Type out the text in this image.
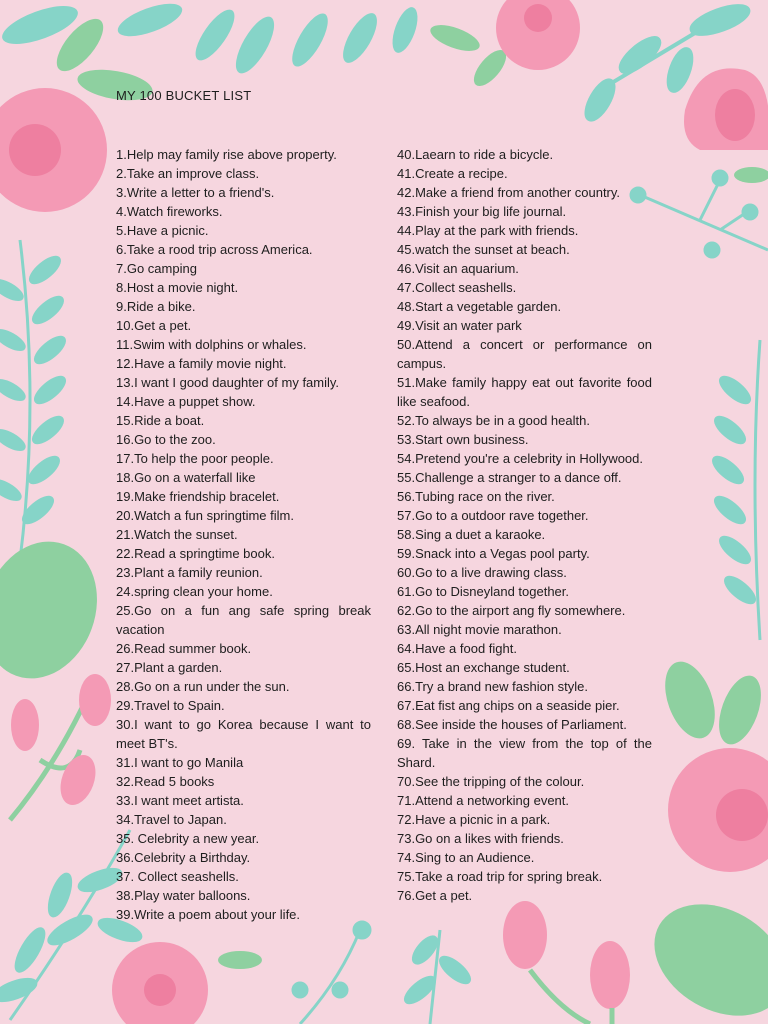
MY 100 BUCKET LIST
1.Help may family rise above property.
2.Take an improve class.
3.Write a letter to a friend's.
4.Watch fireworks.
5.Have a picnic.
6.Take a rood trip across America.
7.Go camping
8.Host a movie night.
9.Ride a bike.
10.Get a pet.
11.Swim with dolphins or whales.
12.Have a family movie night.
13.I want I good daughter of my family.
14.Have a puppet show.
15.Ride a boat.
16.Go to the zoo.
17.To help the poor people.
18.Go on a waterfall like
19.Make friendship bracelet.
20.Watch a fun springtime film.
21.Watch the sunset.
22.Read a springtime book.
23.Plant a family reunion.
24.spring clean your home.
25.Go on a fun ang safe spring break vacation
26.Read summer book.
27.Plant a garden.
28.Go on a run under the sun.
29.Travel to Spain.
30.I want to go Korea because I want to meet BT's.
31.I want to go Manila
32.Read 5 books
33.I want meet artista.
34.Travel to Japan.
35. Celebrity a new year.
36.Celebrity a Birthday.
37. Collect seashells.
38.Play water balloons.
39.Write a poem about your life.
40.Laearn to ride a bicycle.
41.Create a recipe.
42.Make a friend from another country.
43.Finish your big life journal.
44.Play at the park with friends.
45.watch the sunset at beach.
46.Visit an aquarium.
47.Collect seashells.
48.Start a vegetable garden.
49.Visit an water park
50.Attend a concert or performance on campus.
51.Make family happy eat out favorite food like seafood.
52.To always be in a good health.
53.Start own business.
54.Pretend you're a celebrity in Hollywood.
55.Challenge a stranger to a dance off.
56.Tubing race on the river.
57.Go to a outdoor rave together.
58.Sing a duet a karaoke.
59.Snack into a Vegas pool party.
60.Go to a live drawing class.
61.Go to Disneyland together.
62.Go to the airport ang fly somewhere.
63.All night movie marathon.
64.Have a food fight.
65.Host an exchange student.
66.Try a brand new fashion style.
67.Eat fist ang chips on a seaside pier.
68.See inside the houses of Parliament.
69. Take in the view from the top of the Shard.
70.See the tripping of the colour.
71.Attend a networking event.
72.Have a picnic in a park.
73.Go on a likes with friends.
74.Sing to an Audience.
75.Take a road trip for spring break.
76.Get a pet.
